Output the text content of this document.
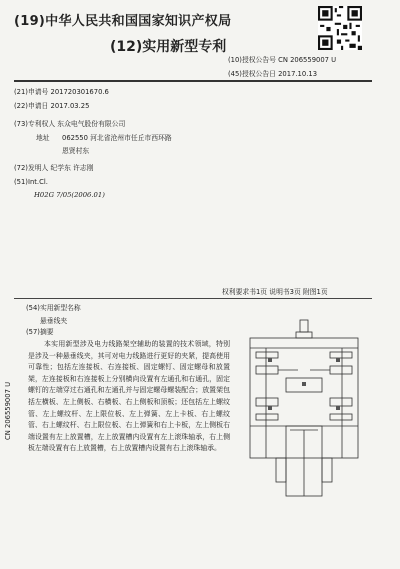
(19)中华人民共和国国家知识产权局
(12)实用新型专利
(10)授权公告号 CN 206559007 U
(45)授权公告日 2017.10.13
(21)申请号 201720301670.6
(22)申请日 2017.03.25
(73)专利权人 东众电气股份有限公司
地址 062550 河北省沧州市任丘市西环路
恩贤村东
(72)发明人 纪学东 许志刚
(51)Int.Cl.
H02G 7/05(2006.01)
权利要求书1页 说明书3页 附图1页
(54)实用新型名称
悬垂线夹
(57)摘要
本实用新型涉及电力线路架空辅助的装置的技术领域，特别是涉及一种悬垂线夹，其可对电力线路进行更好的夹紧，提高使用可靠性；包括左连接板、右连接板、固定螺钉、固定螺母和放置架，左连接板和右连接板上分别横向设置有左通孔和右通孔，固定螺钉的左端穿过右通孔和左通孔并与固定螺母螺装配合；放置架包括左横板、左上侧板、右横板、右上侧板和顶板；还包括左上螺纹管、左上螺纹杆、左上限位板、左上弹簧、左上卡板、右上螺纹管、右上螺纹杆、右上限位板、右上弹簧和右上卡板，左上侧板右端设置有左上放置槽，左上放置槽内设置有左上滚珠轴承，右上侧板左端设置有右上放置槽，右上放置槽内设置有右上滚珠轴承。
CN 206559007 U
